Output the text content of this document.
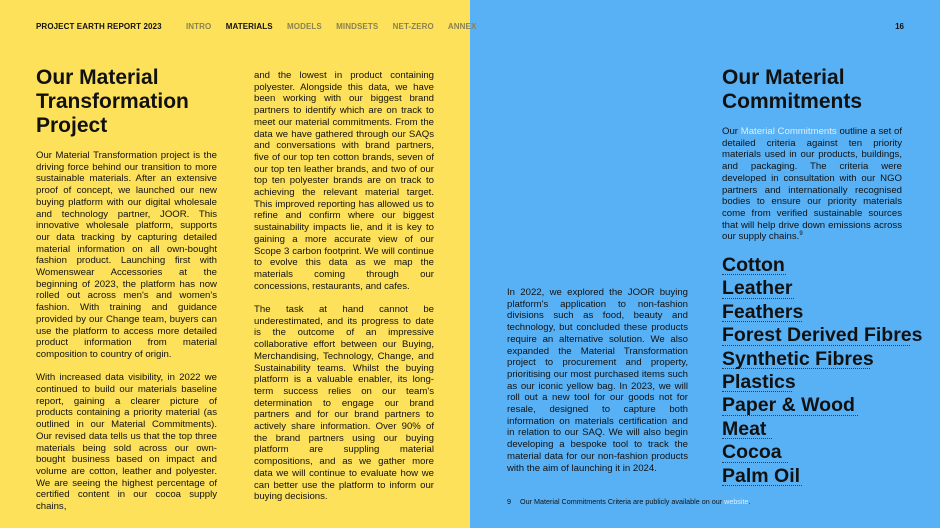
PROJECT EARTH REPORT 2023	INTRO MATERIALS MODELS MINDSETS NET-ZERO ANNEX	16
Our Material Transformation Project

Our Material Transformation project is the driving force behind our transition to more sustainable materials. After an extensive proof of concept, we launched our new buying platform with our digital wholesale and technology partner, JOOR. This innovative wholesale platform, supports our data tracking by capturing detailed material information on all own-bought fashion product. Launching first with Womenswear Accessories at the beginning of 2023, the platform has now rolled out across men's and women's fashion. With training and guidance provided by our Change team, buyers can use the platform to access more detailed product information from material composition to country of origin.

With increased data visibility, in 2022 we continued to build our materials baseline report, gaining a clearer picture of products containing a priority material (as outlined in our Material Commitments). Our revised data tells us that the top three materials being sold across our own-bought business based on impact and volume are cotton, leather and polyester. We are seeing the highest percentage of certified content in our cocoa supply chains,

and the lowest in product containing polyester. Alongside this data, we have been working with our biggest brand partners to identify which are on track to meet our material commitments. From the data we have gathered through our SAQs and conversations with brand partners, five of our top ten cotton brands, seven of our top ten leather brands, and two of our top ten polyester brands are on track to achieving the relevant material target. This improved reporting has allowed us to refine and confirm where our biggest sustainability impacts lie, and it is key to gaining a more accurate view of our Scope 3 carbon footprint. We will continue to evolve this data as we map the materials coming through our concessions, restaurants, and cafes.

The task at hand cannot be underestimated, and its progress to date is the outcome of an impressive collaborative effort between our Buying, Merchandising, Technology, Change, and Sustainability teams. Whilst the buying platform is a valuable enabler, its long-term success relies on our team's determination to engage our brand partners and for our brand partners to actively share information. Over 90% of the brand partners using our buying platform are suppling material compositions, and as we gather more data we will continue to evaluate how we can better use the platform to inform our buying decisions.

In 2022, we explored the JOOR buying platform's application to non-fashion divisions such as food, beauty and technology, but concluded these products require an alternative solution. We also expanded the Material Transformation project to procurement and property, prioritising our most purchased items such as our iconic yellow bag. In 2023, we will roll out a new tool for our goods not for resale, designed to capture both information on materials certification and in relation to our SAQ. We will also begin developing a bespoke tool to track the material data for our non-fashion products with the aim of launching it in 2024.

Our Material Commitments

Our Material Commitments outline a set of detailed criteria against ten priority materials used in our products, buildings, and packaging. The criteria were developed in consultation with our NGO partners and internationally recognised bodies to ensure our priority materials come from verified sustainable sources that will help drive down emissions across our supply chains.$^9$

Cotton
Leather
Feathers
Forest Derived Fibres
Synthetic Fibres
Plastics
Paper & Wood
Meat
Cocoa
Palm Oil
9 Our Material Commitments Criteria are publicly available on our website.
